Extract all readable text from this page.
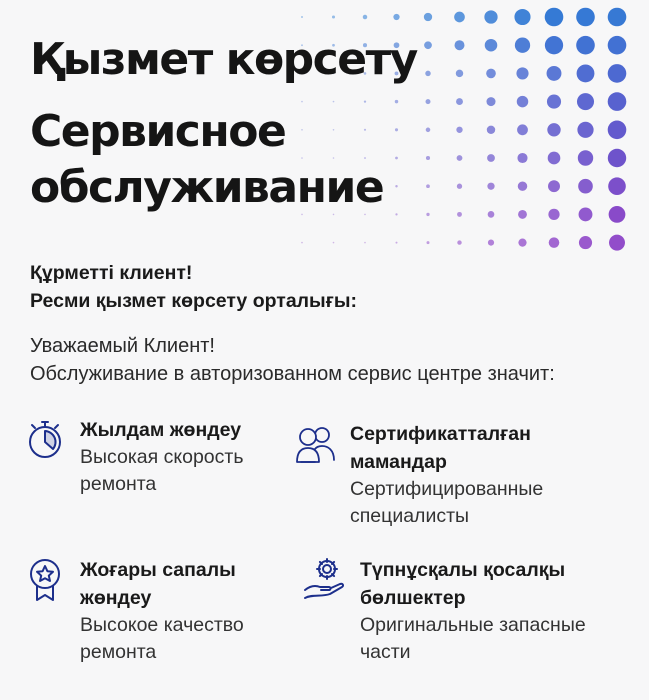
Қызмет көрсету
Сервисное
обслуживание

Құрметті клиент!

Ресми қызмет көрсету орталығы:

Уважаемый Клиент!

Обслуживание в авторизованном сервис центре значит:

Жылдам жөндеу

Высокая скорость

ремонта

Сертификатталған

мамандар

Сертифицированные

специалисты

Жоғары сапалы

жөндеу

Высокое качество

ремонта

Түпнұсқалы қосалқы

бөлшектер

Оригинальные запасные

части
